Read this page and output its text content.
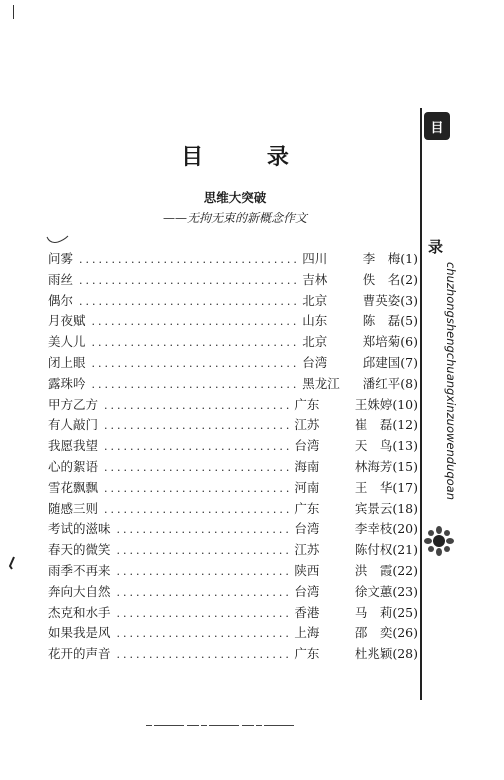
目 录
思维大突破
——无拘无束的新概念作文
问雾 .....	四川	李　梅 (1)
雨丝 .....	吉林	佚　名 (2)
偶尔 .....	北京	曹英姿 (3)
月夜赋 .....	山东	陈　磊 (5)
美人儿 .....	北京	郑培菊 (6)
闭上眼 .....	台湾	邱建国 (7)
露珠吟 .....	黑龙江	潘红平 (8)
甲方乙方 .....	广东	王姝婷 (10)
有人敲门 .....	江苏	崔　磊 (12)
我愿我望 .....	台湾	天　鸟 (13)
心的絮语 .....	海南	林海芳 (15)
雪花飘飘 .....	河南	王　华 (17)
随感三则 .....	广东	宾景云 (18)
考试的滋味 .....	台湾	李幸枝 (20)
春天的微笑 .....	江苏	陈付权 (21)
雨季不再来 .....	陕西	洪　霞 (22)
奔向大自然 .....	台湾	徐文蕙 (23)
杰克和水手 .....	香港	马　莉 (25)
如果我是风 .....	上海	邵　奕 (26)
花开的声音 .....	广东	杜兆颖 (28)
目
录
chuzhongshengchuangxinzuowenduqoan
